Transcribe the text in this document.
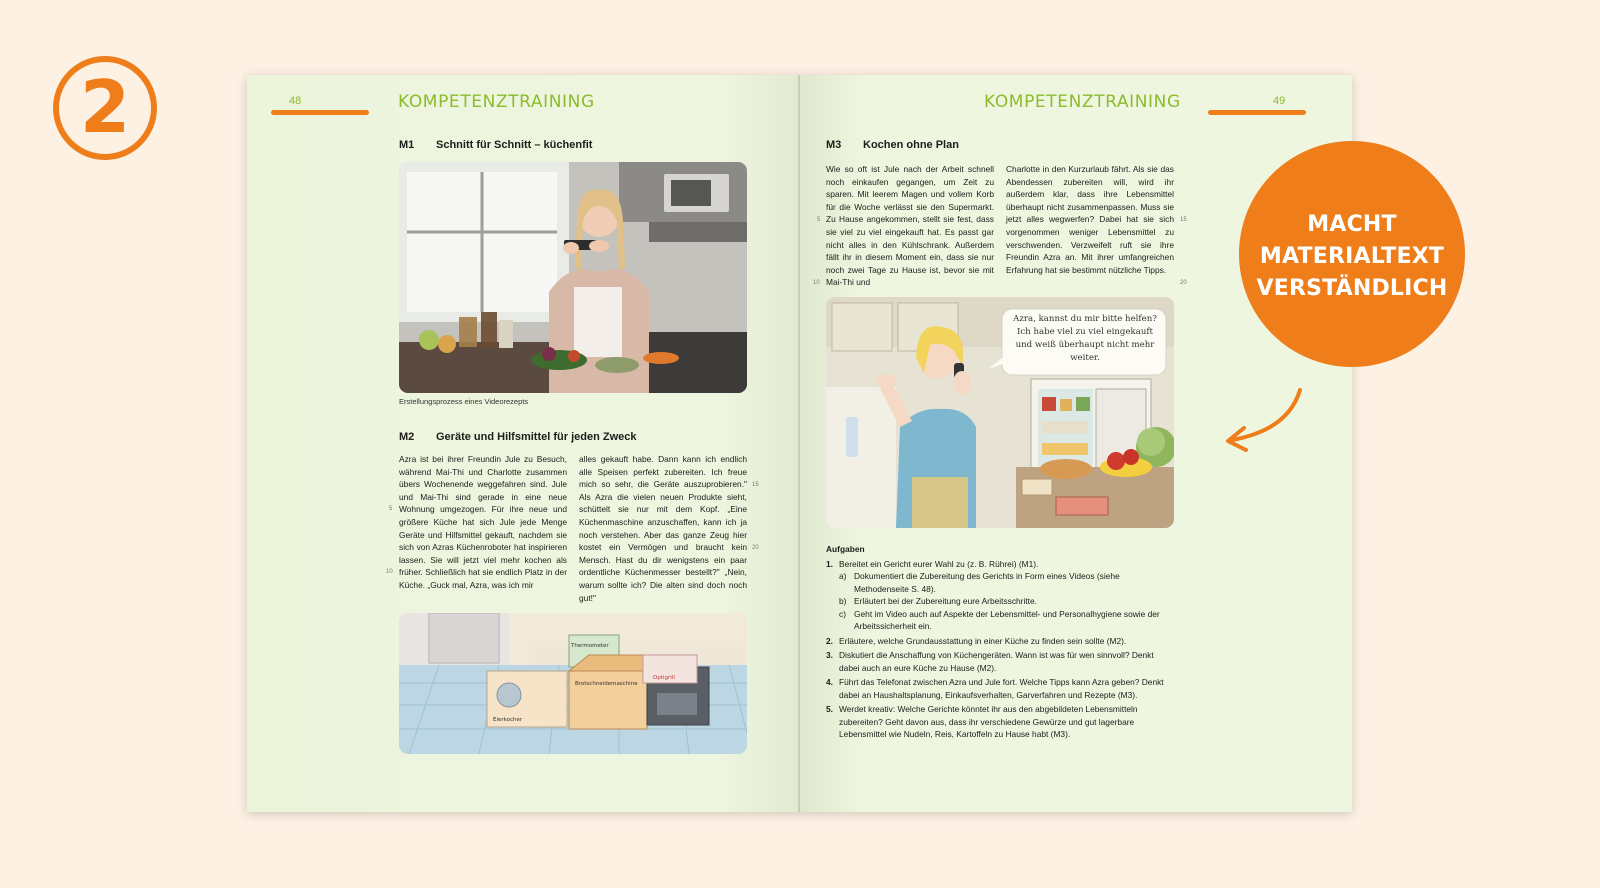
2	48	KOMPETENZTRAINING
M1 Schnitt für Schnitt – küchenfit
Erstellungsprozess eines Videorezepts
M2 Geräte und Hilfsmittel für jeden Zweck

Azra ist bei ihrer Freundin Jule zu Besuch, während Mai-Thi und Charlotte zusammen übers Wochenende weggefahren sind. Jule und Mai-Thi sind gerade in eine neue Wohnung umgezogen. Für ihre neue und größere Küche hat sich Jule jede Menge Geräte und Hilfsmittel gekauft, nachdem sie sich von Azras Küchenroboter hat inspirieren lassen. Sie will jetzt viel mehr kochen als früher. Schließlich hat sie endlich Platz in der Küche. „Guck mal, Azra, was ich mir

alles gekauft habe. Dann kann ich endlich alle Speisen perfekt zubereiten. Ich freue mich so sehr, die Geräte auszuprobieren." Als Azra die vielen neuen Produkte sieht, schüttelt sie nur mit dem Kopf. „Eine Küchenmaschine anzuschaffen, kann ich ja noch verstehen. Aber das ganze Zeug hier kostet ein Vermögen und braucht kein Mensch. Hast du dir wenigstens ein paar ordentliche Küchenmesser bestellt?" „Nein, warum sollte ich? Die alten sind doch noch gut!"

5
10
15
20
Thermometer
Brotschneidemaschine
Optigrill
Eierkocher
KOMPETENZTRAINING	49
M3 Kochen ohne Plan

Wie so oft ist Jule nach der Arbeit schnell noch einkaufen gegangen, um Zeit zu sparen. Mit leerem Magen und vollem Korb für die Woche verlässt sie den Supermarkt. Zu Hause angekommen, stellt sie fest, dass sie viel zu viel eingekauft hat. Es passt gar nicht alles in den Kühlschrank. Außerdem fällt ihr in diesem Moment ein, dass sie nur noch zwei Tage zu Hause ist, bevor sie mit Mai-Thi und

Charlotte in den Kurzurlaub fährt. Als sie das Abendessen zubereiten will, wird ihr außerdem klar, dass ihre Lebensmittel überhaupt nicht zusammenpassen. Muss sie jetzt alles wegwerfen? Dabei hat sie sich vorgenommen weniger Lebensmittel zu verschwenden. Verzweifelt ruft sie ihre Freundin Azra an. Mit ihrer umfangreichen Erfahrung hat sie bestimmt nützliche Tipps.

5
10
15
20
Azra, kannst du mir bitte helfen? Ich habe viel zu viel eingekauft und weiß überhaupt nicht mehr weiter.
Aufgaben
1. Bereitet ein Gericht eurer Wahl zu (z. B. Rührei) (M1).
a) Dokumentiert die Zubereitung des Gerichts in Form eines Videos (siehe Methodenseite S. 48).
b) Erläutert bei der Zubereitung eure Arbeitsschritte.
c) Geht im Video auch auf Aspekte der Lebensmittel- und Personalhygiene sowie der Arbeitssicherheit ein.
2. Erläutere, welche Grundausstattung in einer Küche zu finden sein sollte (M2).
3. Diskutiert die Anschaffung von Küchengeräten. Wann ist was für wen sinnvoll? Denkt dabei auch an eure Küche zu Hause (M2).
4. Führt das Telefonat zwischen Azra und Jule fort. Welche Tipps kann Azra geben? Denkt dabei an Haushaltsplanung, Einkaufsverhalten, Garverfahren und Rezepte (M3).
5. Werdet kreativ: Welche Gerichte könntet ihr aus den abgebildeten Lebensmitteln zubereiten? Geht davon aus, dass ihr verschiedene Gewürze und gut lagerbare Lebensmittel wie Nudeln, Reis, Kartoffeln zu Hause habt (M3).
MACHT
MATERIALTEXT
VERSTÄNDLICH
